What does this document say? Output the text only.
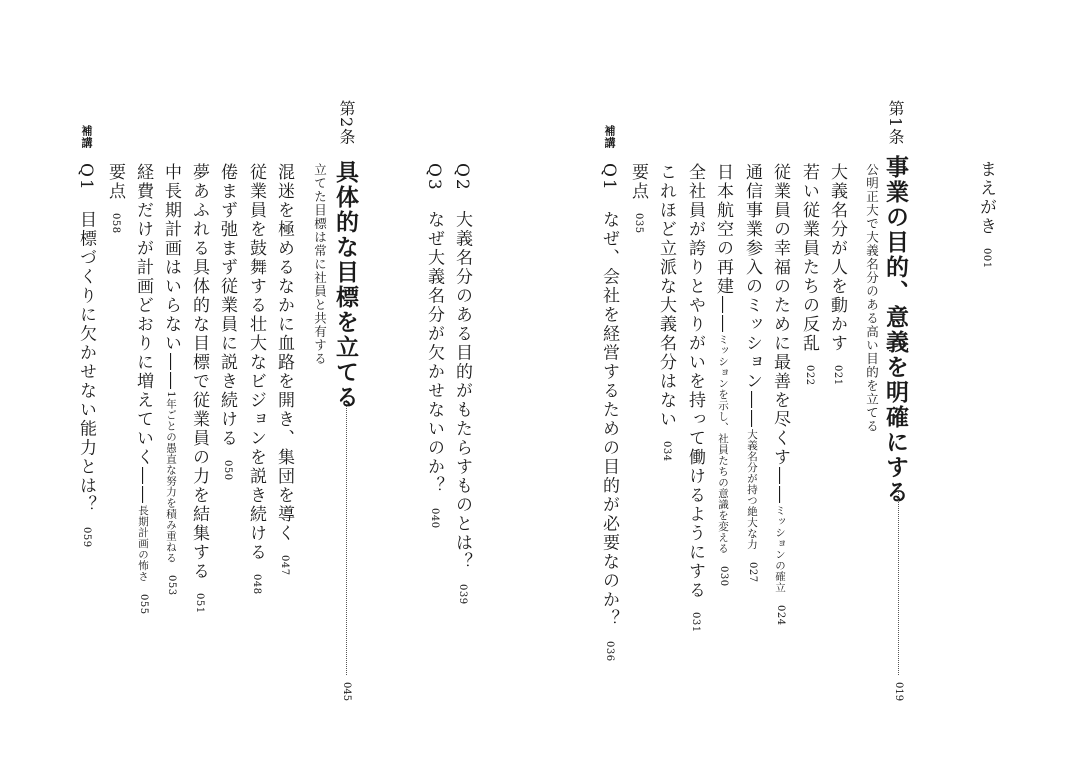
まえがき001
第1条
事業の目的、意義を明確にする
公明正大で大義名分のある高い目的を立てる
019
大義名分が人を動かす021
若い従業員たちの反乱022
従業員の幸福のために最善を尽くす――ミッションの確立024
通信事業参入のミッション――大義名分が持つ絶大な力027
日本航空の再建――ミッションを示し、社員たちの意識を変える030
全社員が誇りとやりがいを持って働けるようにする031
これほど立派な大義名分はない034
要点035
補講
Q1　なぜ、会社を経営するための目的が必要なのか？036
Q2　大義名分のある目的がもたらすものとは？039
Q3　なぜ大義名分が欠かせないのか？040
第2条
具体的な目標を立てる
立てた目標は常に社員と共有する
045
混迷を極めるなかに血路を開き、集団を導く047
従業員を鼓舞する壮大なビジョンを説き続ける048
倦まず弛まず従業員に説き続ける050
夢あふれる具体的な目標で従業員の力を結集する051
中長期計画はいらない――1年ごとの愚直な努力を積み重ねる053
経費だけが計画どおりに増えていく――長期計画の怖さ055
要点058
補講
Q1　目標づくりに欠かせない能力とは？059
